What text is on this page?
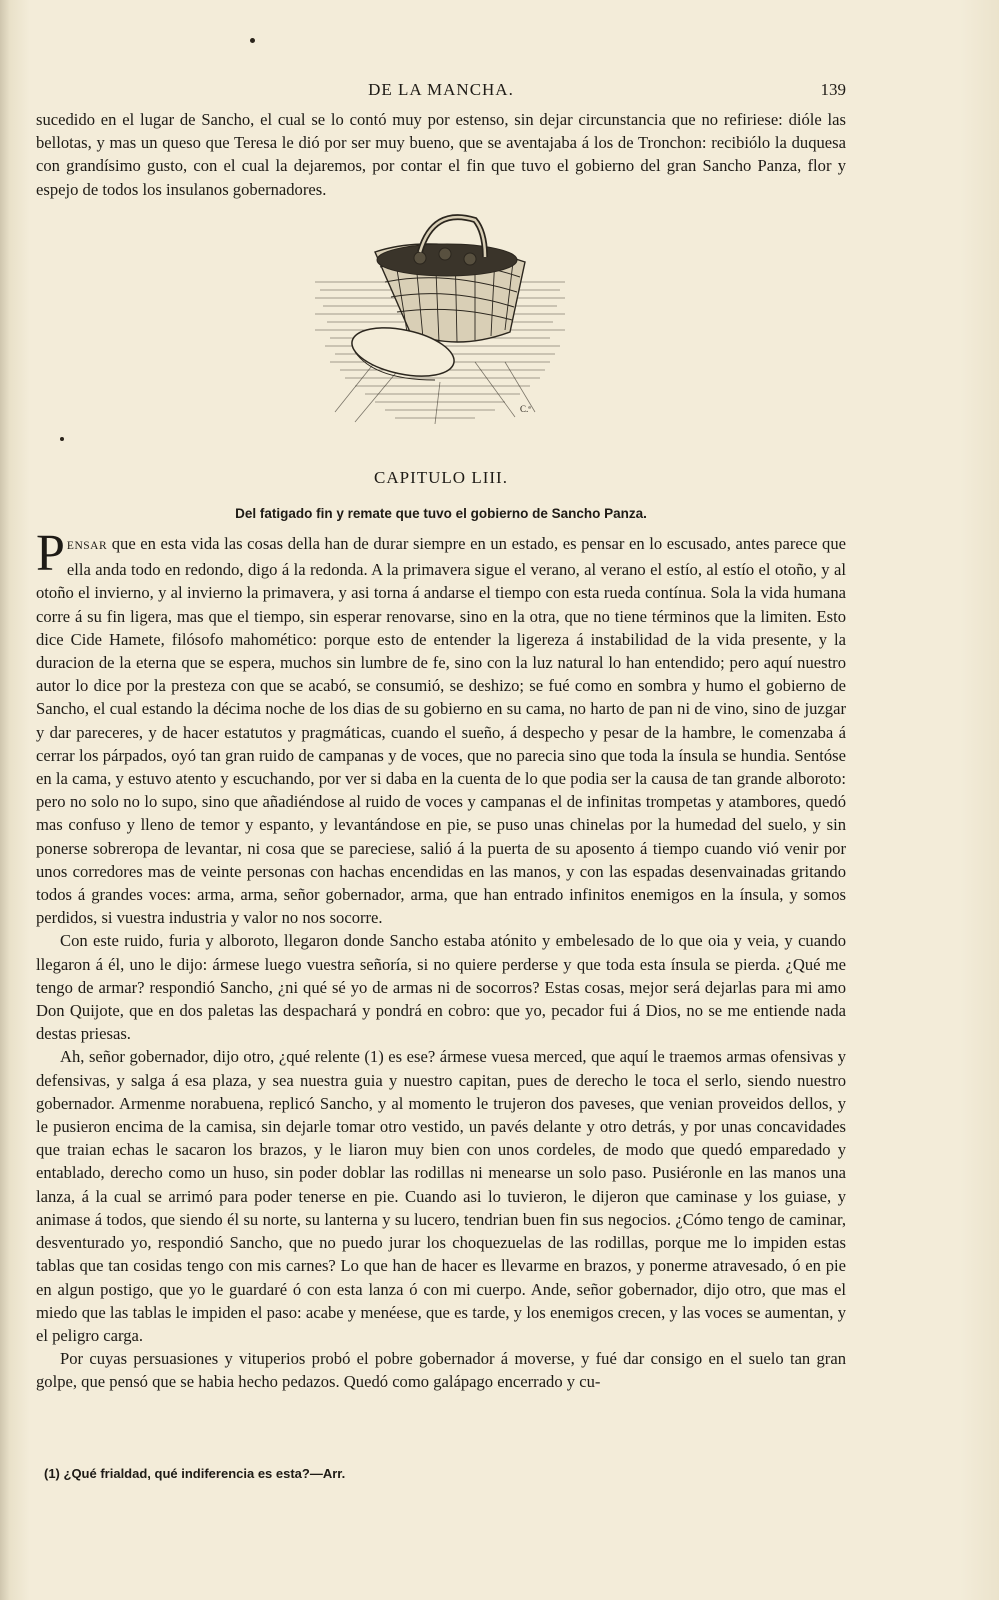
DE LA MANCHA.	139

sucedido en el lugar de Sancho, el cual se lo contó muy por estenso, sin dejar circunstancia que no refiriese: dióle las bellotas, y mas un queso que Teresa le dió por ser muy bueno, que se aventajaba á los de Tronchon: recibiólo la duquesa con grandísimo gusto, con el cual la dejaremos, por contar el fin que tuvo el gobierno del gran Sancho Panza, flor y espejo de todos los insulanos gobernadores.

C.ª
CAPITULO LIII.
Del fatigado fin y remate que tuvo el gobierno de Sancho Panza.

PENSAR que en esta vida las cosas della han de durar siempre en un estado, es pensar en lo escusado, antes parece que ella anda todo en redondo, digo á la redonda. A la primavera sigue el verano, al verano el estío, al estío el otoño, y al otoño el invierno, y al invierno la primavera, y asi torna á andarse el tiempo con esta rueda contínua. Sola la vida humana corre á su fin ligera, mas que el tiempo, sin esperar renovarse, sino en la otra, que no tiene términos que la limiten. Esto dice Cide Hamete, filósofo mahomético: porque esto de entender la ligereza á instabilidad de la vida presente, y la duracion de la eterna que se espera, muchos sin lumbre de fe, sino con la luz natural lo han entendido; pero aquí nuestro autor lo dice por la presteza con que se acabó, se consumió, se deshizo; se fué como en sombra y humo el gobierno de Sancho, el cual estando la décima noche de los dias de su gobierno en su cama, no harto de pan ni de vino, sino de juzgar y dar pareceres, y de hacer estatutos y pragmáticas, cuando el sueño, á despecho y pesar de la hambre, le comenzaba á cerrar los párpados, oyó tan gran ruido de campanas y de voces, que no parecia sino que toda la ínsula se hundia. Sentóse en la cama, y estuvo atento y escuchando, por ver si daba en la cuenta de lo que podia ser la causa de tan grande alboroto: pero no solo no lo supo, sino que añadiéndose al ruido de voces y campanas el de infinitas trompetas y atambores, quedó mas confuso y lleno de temor y espanto, y levantándose en pie, se puso unas chinelas por la humedad del suelo, y sin ponerse sobreropa de levantar, ni cosa que se pareciese, salió á la puerta de su aposento á tiempo cuando vió venir por unos corredores mas de veinte personas con hachas encendidas en las manos, y con las espadas desenvainadas gritando todos á grandes voces: arma, arma, señor gobernador, arma, que han entrado infinitos enemigos en la ínsula, y somos perdidos, si vuestra industria y valor no nos socorre.

Con este ruido, furia y alboroto, llegaron donde Sancho estaba atónito y embelesado de lo que oia y veia, y cuando llegaron á él, uno le dijo: ármese luego vuestra señoría, si no quiere perderse y que toda esta ínsula se pierda. ¿Qué me tengo de armar? respondió Sancho, ¿ni qué sé yo de armas ni de socorros? Estas cosas, mejor será dejarlas para mi amo Don Quijote, que en dos paletas las despachará y pondrá en cobro: que yo, pecador fui á Dios, no se me entiende nada destas priesas.

Ah, señor gobernador, dijo otro, ¿qué relente (1) es ese? ármese vuesa merced, que aquí le traemos armas ofensivas y defensivas, y salga á esa plaza, y sea nuestra guia y nuestro capitan, pues de derecho le toca el serlo, siendo nuestro gobernador. Armenme norabuena, replicó Sancho, y al momento le trujeron dos paveses, que venian proveidos dellos, y le pusieron encima de la camisa, sin dejarle tomar otro vestido, un pavés delante y otro detrás, y por unas concavidades que traian echas le sacaron los brazos, y le liaron muy bien con unos cordeles, de modo que quedó emparedado y entablado, derecho como un huso, sin poder doblar las rodillas ni menearse un solo paso. Pusiéronle en las manos una lanza, á la cual se arrimó para poder tenerse en pie. Cuando asi lo tuvieron, le dijeron que caminase y los guiase, y animase á todos, que siendo él su norte, su lanterna y su lucero, tendrian buen fin sus negocios. ¿Cómo tengo de caminar, desventurado yo, respondió Sancho, que no puedo jurar los choquezuelas de las rodillas, porque me lo impiden estas tablas que tan cosidas tengo con mis carnes? Lo que han de hacer es llevarme en brazos, y ponerme atravesado, ó en pie en algun postigo, que yo le guardaré ó con esta lanza ó con mi cuerpo. Ande, señor gobernador, dijo otro, que mas el miedo que las tablas le impiden el paso: acabe y menéese, que es tarde, y los enemigos crecen, y las voces se aumentan, y el peligro carga.

Por cuyas persuasiones y vituperios probó el pobre gobernador á moverse, y fué dar consigo en el suelo tan gran golpe, que pensó que se habia hecho pedazos. Quedó como galápago encerrado y cu-

(1) ¿Qué frialdad, qué indiferencia es esta?—Arr.
